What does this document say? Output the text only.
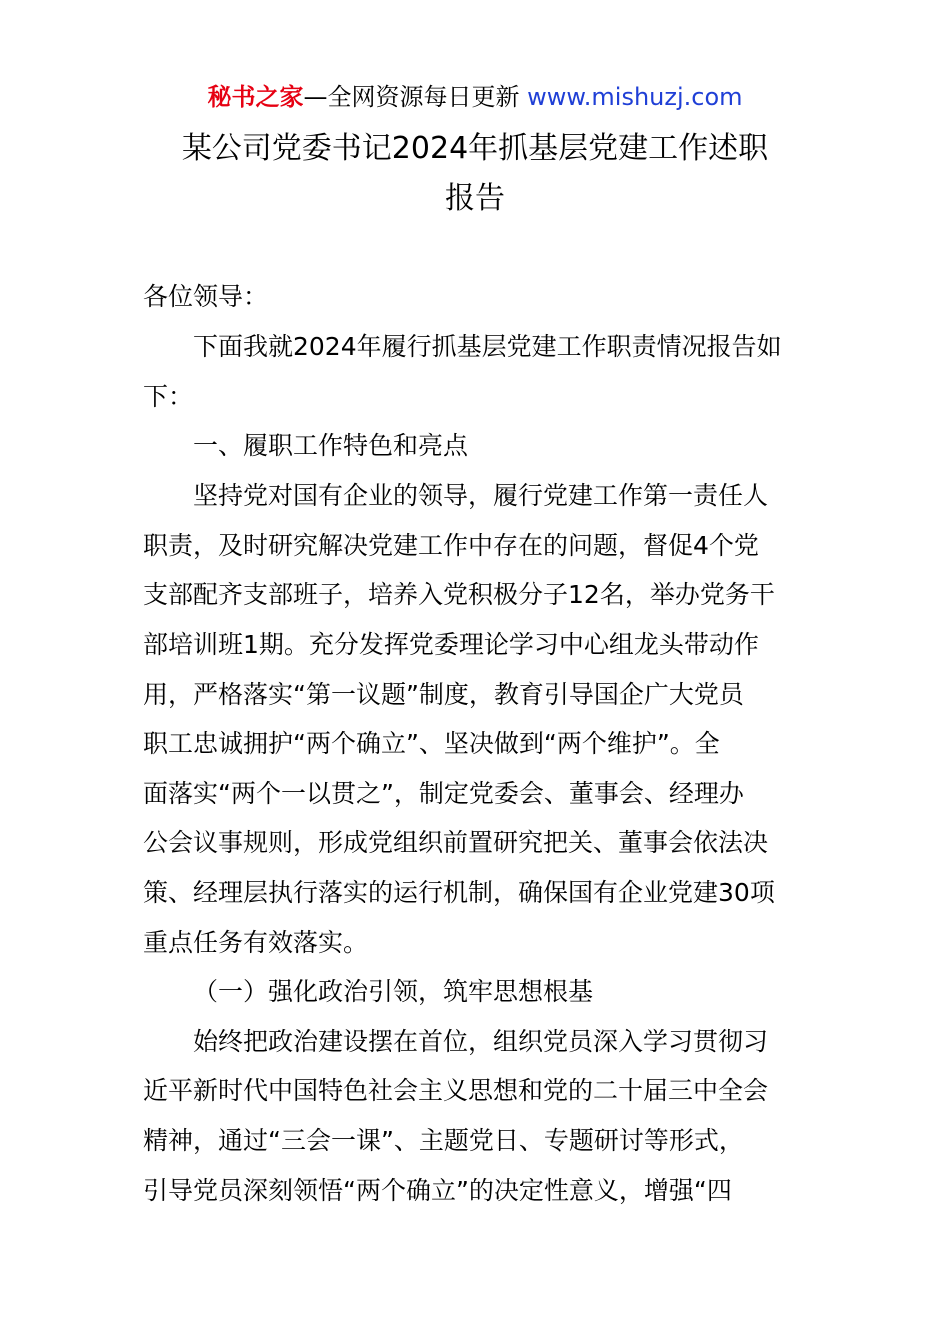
秘书之家—全网资源每日更新 www.mishuzj.com
某公司党委书记2024年抓基层党建工作述职
报告
各位领导：
下面我就2024年履行抓基层党建工作职责情况报告如
下：
一、履职工作特色和亮点
坚持党对国有企业的领导，履行党建工作第一责任人
职责，及时研究解决党建工作中存在的问题，督促4个党
支部配齐支部班子，培养入党积极分子12名，举办党务干
部培训班1期。充分发挥党委理论学习中心组龙头带动作
用，严格落实“第一议题”制度，教育引导国企广大党员
职工忠诚拥护“两个确立”、坚决做到“两个维护”。全
面落实“两个一以贯之”，制定党委会、董事会、经理办
公会议事规则，形成党组织前置研究把关、董事会依法决
策、经理层执行落实的运行机制，确保国有企业党建30项
重点任务有效落实。
（一）强化政治引领，筑牢思想根基
始终把政治建设摆在首位，组织党员深入学习贯彻习
近平新时代中国特色社会主义思想和党的二十届三中全会
精神，通过“三会一课”、主题党日、专题研讨等形式，
引导党员深刻领悟“两个确立”的决定性意义，增强“四
